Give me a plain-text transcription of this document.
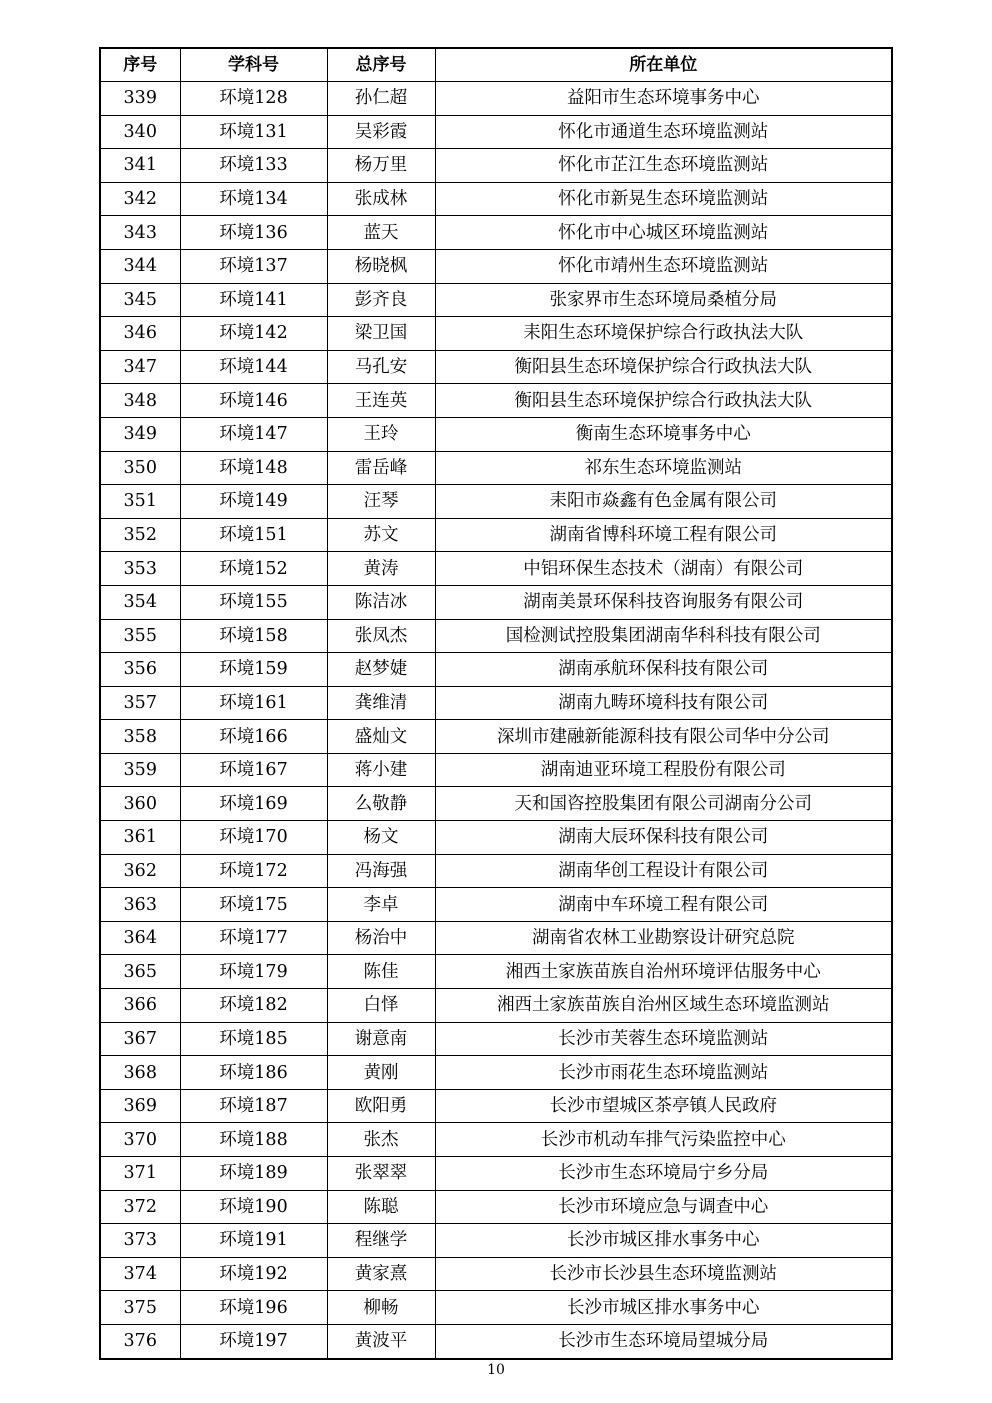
序号	学科号	总序号	所在单位
339	环境128	孙仁超	益阳市生态环境事务中心
340	环境131	吴彩霞	怀化市通道生态环境监测站
341	环境133	杨万里	怀化市芷江生态环境监测站
342	环境134	张成林	怀化市新晃生态环境监测站
343	环境136	蓝天	怀化市中心城区环境监测站
344	环境137	杨晓枫	怀化市靖州生态环境监测站
345	环境141	彭齐良	张家界市生态环境局桑植分局
346	环境142	梁卫国	耒阳生态环境保护综合行政执法大队
347	环境144	马孔安	衡阳县生态环境保护综合行政执法大队
348	环境146	王连英	衡阳县生态环境保护综合行政执法大队
349	环境147	王玲	衡南生态环境事务中心
350	环境148	雷岳峰	祁东生态环境监测站
351	环境149	汪琴	耒阳市焱鑫有色金属有限公司
352	环境151	苏文	湖南省博科环境工程有限公司
353	环境152	黄涛	中铝环保生态技术（湖南）有限公司
354	环境155	陈洁冰	湖南美景环保科技咨询服务有限公司
355	环境158	张凤杰	国检测试控股集团湖南华科科技有限公司
356	环境159	赵梦婕	湖南承航环保科技有限公司
357	环境161	龚维清	湖南九畴环境科技有限公司
358	环境166	盛灿文	深圳市建融新能源科技有限公司华中分公司
359	环境167	蒋小建	湖南迪亚环境工程股份有限公司
360	环境169	么敬静	天和国咨控股集团有限公司湖南分公司
361	环境170	杨文	湖南大辰环保科技有限公司
362	环境172	冯海强	湖南华创工程设计有限公司
363	环境175	李卓	湖南中车环境工程有限公司
364	环境177	杨治中	湖南省农林工业勘察设计研究总院
365	环境179	陈佳	湘西土家族苗族自治州环境评估服务中心
366	环境182	白怿	湘西土家族苗族自治州区域生态环境监测站
367	环境185	谢意南	长沙市芙蓉生态环境监测站
368	环境186	黄刚	长沙市雨花生态环境监测站
369	环境187	欧阳勇	长沙市望城区茶亭镇人民政府
370	环境188	张杰	长沙市机动车排气污染监控中心
371	环境189	张翠翠	长沙市生态环境局宁乡分局
372	环境190	陈聪	长沙市环境应急与调查中心
373	环境191	程继学	长沙市城区排水事务中心
374	环境192	黄家熹	长沙市长沙县生态环境监测站
375	环境196	柳畅	长沙市城区排水事务中心
376	环境197	黄波平	长沙市生态环境局望城分局
10
